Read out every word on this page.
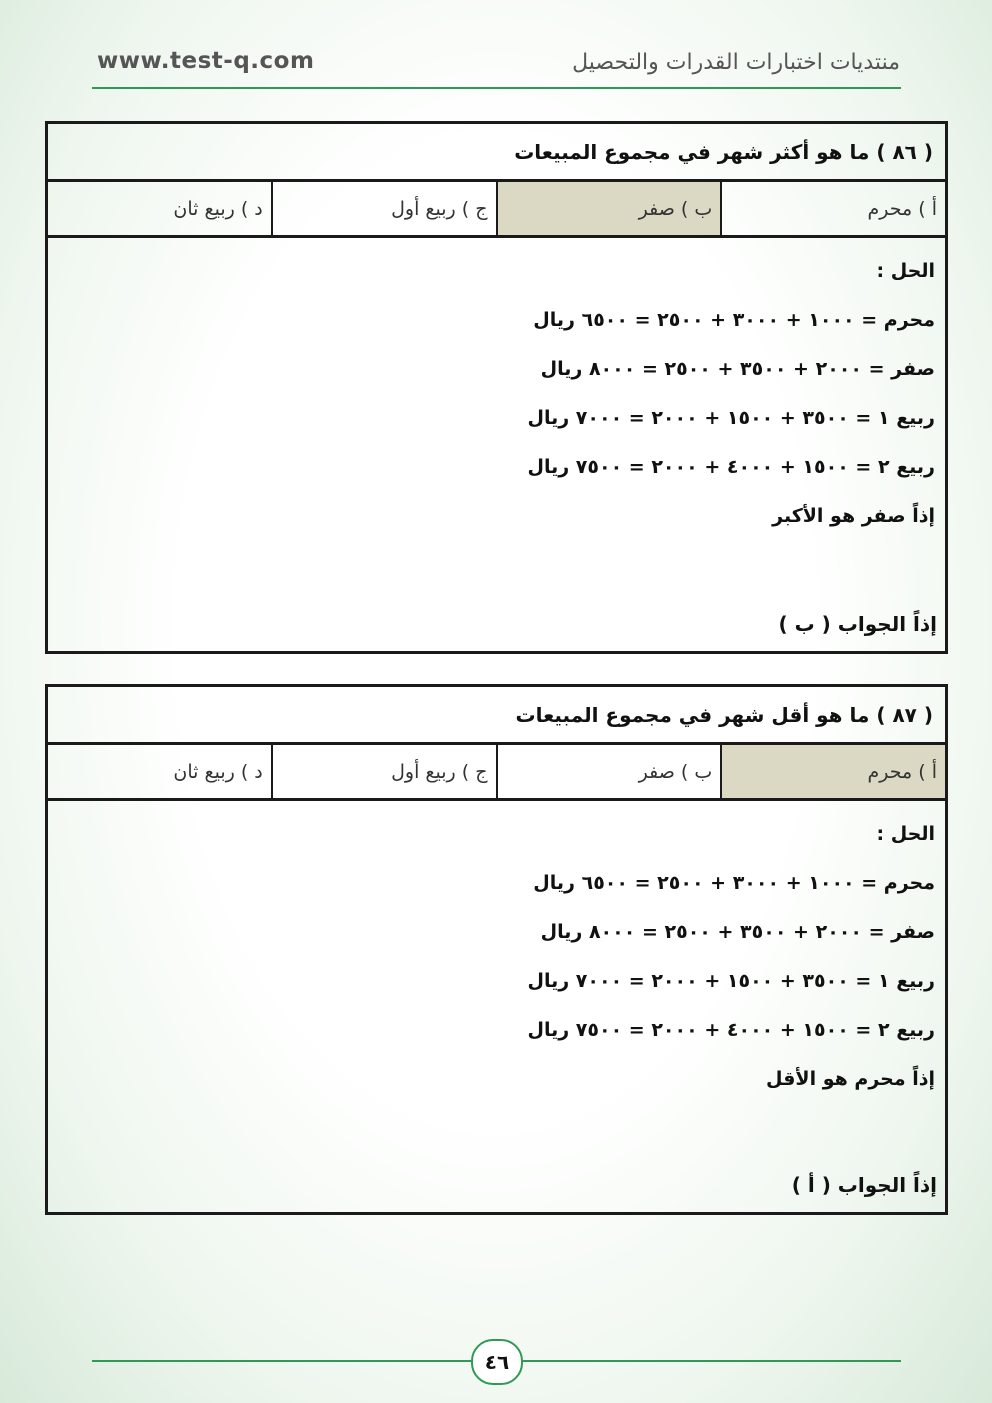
www.test-q.com	منتديات اختبارات القدرات والتحصيل
( ٨٦ ) ما هو أكثر شهر في مجموع المبيعات
أ ) محرم
ب ) صفر
ج ) ربيع أول
د ) ربيع ثان
الحل :
محرم = ١٠٠٠ + ٣٠٠٠ + ٢٥٠٠ = ٦٥٠٠ ريال
صفر = ٢٠٠٠ + ٣٥٠٠ + ٢٥٠٠ = ٨٠٠٠ ريال
ربيع ١ = ٣٥٠٠ + ١٥٠٠ + ٢٠٠٠ = ٧٠٠٠ ريال
ربيع ٢ = ١٥٠٠ + ٤٠٠٠ + ٢٠٠٠ = ٧٥٠٠ ريال
إذاً صفر هو الأكبر
إذاً الجواب ( ب )
( ٨٧ ) ما هو أقل شهر في مجموع المبيعات
أ ) محرم
ب ) صفر
ج ) ربيع أول
د ) ربيع ثان
الحل :
محرم = ١٠٠٠ + ٣٠٠٠ + ٢٥٠٠ = ٦٥٠٠ ريال
صفر = ٢٠٠٠ + ٣٥٠٠ + ٢٥٠٠ = ٨٠٠٠ ريال
ربيع ١ = ٣٥٠٠ + ١٥٠٠ + ٢٠٠٠ = ٧٠٠٠ ريال
ربيع ٢ = ١٥٠٠ + ٤٠٠٠ + ٢٠٠٠ = ٧٥٠٠ ريال
إذاً محرم هو الأقل
إذاً الجواب ( أ )
٤٦
